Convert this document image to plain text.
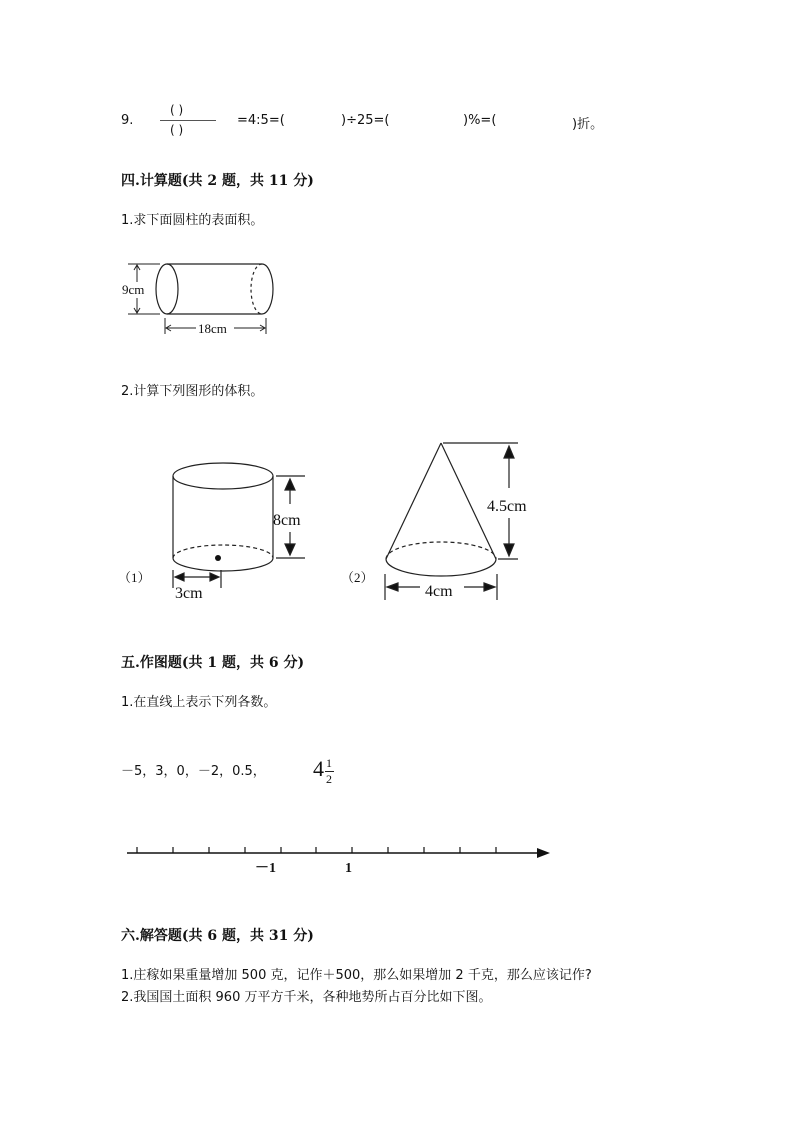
9.
( )
( )
=4:5=(	)÷25=(	)%=(	)折。
四.计算题(共 2 题，共 11 分)
1.求下面圆柱的表面积。
9cm
18cm
2.计算下列图形的体积。
8cm
3cm
（1）
4.5cm
4cm
（2）
五.作图题(共 1 题，共 6 分)
1.在直线上表示下列各数。
－5，3，0，－2，0.5， 4 1
2
－1	1
六.解答题(共 6 题，共 31 分)
1.庄稼如果重量增加 500 克，记作＋500，那么如果增加 2 千克，那么应该记作?
2.我国国土面积 960 万平方千米，各种地势所占百分比如下图。
